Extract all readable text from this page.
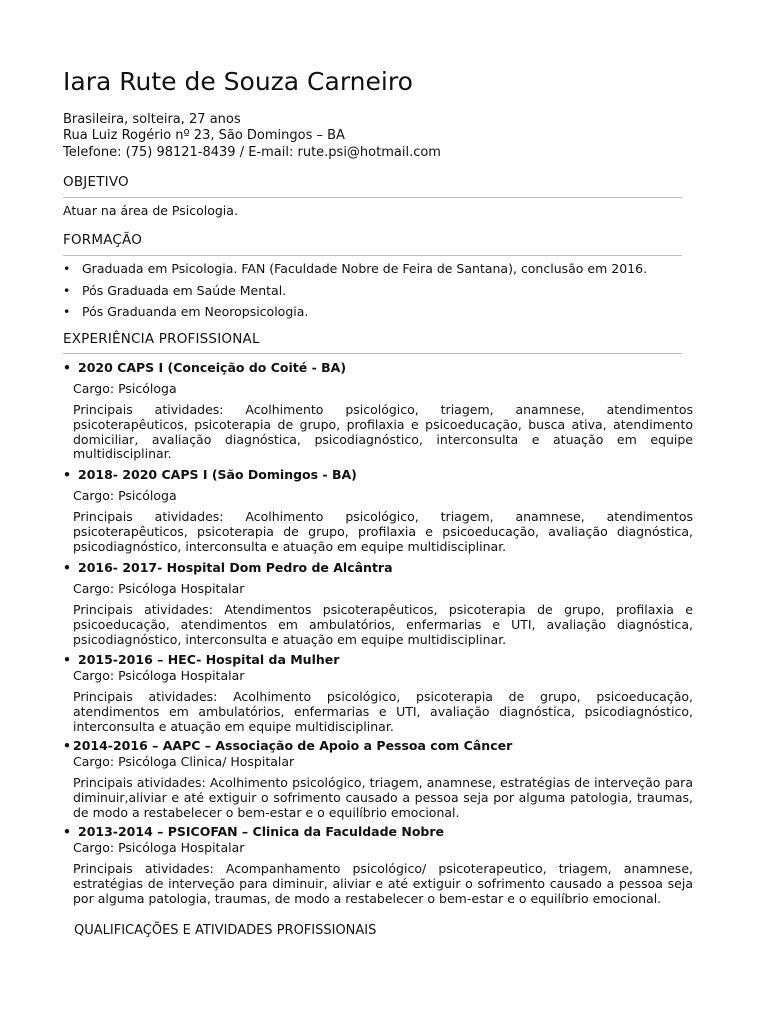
Iara Rute de Souza Carneiro
Brasileira, solteira, 27 anos
Rua Luiz Rogério nº 23, São Domingos – BA
Telefone: (75) 98121-8439 / E-mail: rute.psi@hotmail.com
OBJETIVO
Atuar na área de Psicologia.
FORMAÇÃO
• Graduada em Psicologia. FAN (Faculdade Nobre de Feira de Santana), conclusão em 2016.
• Pós Graduada em Saúde Mental.
• Pós Graduanda em Neoropsicologia.
EXPERIÊNCIA PROFISSIONAL
• 2020 CAPS I (Conceição do Coité - BA)
Cargo: Psicóloga
Principais atividades: Acolhimento psicológico, triagem, anamnese, atendimentos psicoterapêuticos, psicoterapia de grupo, profilaxia e psicoeducação, busca ativa, atendimento domiciliar, avaliação diagnóstica, psicodiagnóstico, interconsulta e atuação em equipe multidisciplinar.
• 2018- 2020 CAPS I (São Domingos - BA)
Cargo: Psicóloga
Principais atividades: Acolhimento psicológico, triagem, anamnese, atendimentos psicoterapêuticos, psicoterapia de grupo, profilaxia e psicoeducação, avaliação diagnóstica, psicodiagnóstico, interconsulta e atuação em equipe multidisciplinar.
• 2016- 2017- Hospital Dom Pedro de Alcântra
Cargo: Psicóloga Hospitalar
Principais atividades: Atendimentos psicoterapêuticos, psicoterapia de grupo, profilaxia e psicoeducação, atendimentos em ambulatórios, enfermarias e UTI, avaliação diagnóstica, psicodiagnóstico, interconsulta e atuação em equipe multidisciplinar.
• 2015-2016 – HEC- Hospital da Mulher
Cargo: Psicóloga Hospitalar
Principais atividades: Acolhimento psicológico, psicoterapia de grupo, psicoeducação, atendimentos em ambulatórios, enfermarias e UTI, avaliação diagnóstica, psicodiagnóstico, interconsulta e atuação em equipe multidisciplinar.
• 2014-2016 – AAPC – Associação de Apoio a Pessoa com Câncer
Cargo: Psicóloga Clinica/ Hospitalar
Principais atividades: Acolhimento psicológico, triagem, anamnese, estratégias de interveção para diminuir,aliviar e até extiguir o sofrimento causado a pessoa seja por alguma patologia, traumas, de modo a restabelecer o bem-estar e o equilíbrio emocional.
• 2013-2014 – PSICOFAN – Clinica da Faculdade Nobre
Cargo: Psicóloga Hospitalar
Principais atividades: Acompanhamento psicológico/ psicoterapeutico, triagem, anamnese, estratégias de interveção para diminuir, aliviar e até extiguir o sofrimento causado a pessoa seja por alguma patologia, traumas, de modo a restabelecer o bem-estar e o equilíbrio emocional.
QUALIFICAÇÕES E ATIVIDADES PROFISSIONAIS
